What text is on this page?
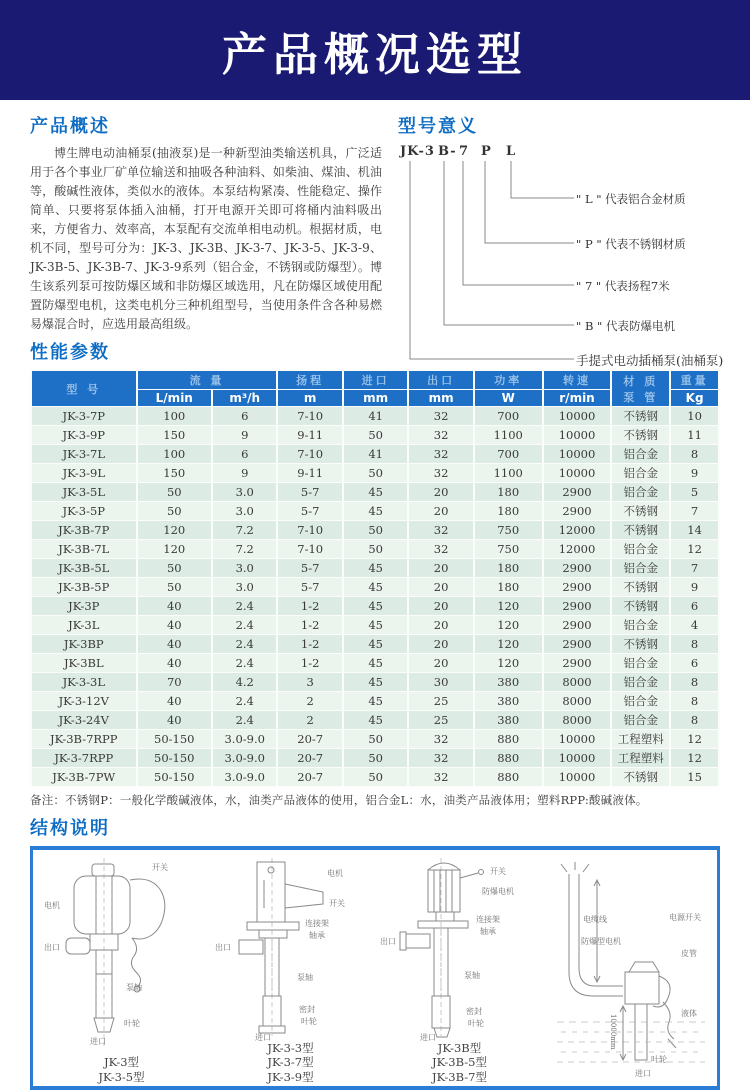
产品概况选型
产品概述

博生牌电动油桶泵(抽液泵)是一种新型油类输送机具，广泛适用于各个事业厂矿单位输送和抽吸各种油料、如柴油、煤油、机油等，酸碱性液体，类似水的液体。本泵结构紧凑、性能稳定、操作简单、只要将泵体插入油桶，打开电源开关即可将桶内油料吸出来，方便省力、效率高，本泵配有交流单相电动机。根据材质，电机不同，型号可分为：JK-3、JK-3B、JK-3-7、JK-3-5、JK-3-9、JK-3B-5、JK-3B-7、JK-3-9系列（铝合金，不锈钢或防爆型）。博生该系列泵可按防爆区域和非防爆区域选用，凡在防爆区域使用配置防爆型电机，这类电机分三种机组型号，当使用条件含各种易燃易爆混合时，应选用最高组级。

型号意义
JK-3 B- 7 P L
" L " 代表铝合金材质
" P " 代表不锈钢材质
" 7 " 代表扬程7米
" B " 代表防爆电机
手提式电动插桶泵(油桶泵)
性能参数
型 号	流 量		扬程	进口	出口	功率	转速	材 质
泵 管	重量
	L/min	m³/h	m	mm	mm	W	r/min		Kg
JK-3-7P	100	6	7-10	41	32	700	10000	不锈钢	10
JK-3-9P	150	9	9-11	50	32	1100	10000	不锈钢	11
JK-3-7L	100	6	7-10	41	32	700	10000	铝合金	8
JK-3-9L	150	9	9-11	50	32	1100	10000	铝合金	9
JK-3-5L	50	3.0	5-7	45	20	180	2900	铝合金	5
JK-3-5P	50	3.0	5-7	45	20	180	2900	不锈钢	7
JK-3B-7P	120	7.2	7-10	50	32	750	12000	不锈钢	14
JK-3B-7L	120	7.2	7-10	50	32	750	12000	铝合金	12
JK-3B-5L	50	3.0	5-7	45	20	180	2900	铝合金	7
JK-3B-5P	50	3.0	5-7	45	20	180	2900	不锈钢	9
JK-3P	40	2.4	1-2	45	20	120	2900	不锈钢	6
JK-3L	40	2.4	1-2	45	20	120	2900	铝合金	4
JK-3BP	40	2.4	1-2	45	20	120	2900	不锈钢	8
JK-3BL	40	2.4	1-2	45	20	120	2900	铝合金	6
JK-3-3L	70	4.2	3	45	30	380	8000	铝合金	8
JK-3-12V	40	2.4	2	45	25	380	8000	铝合金	8
JK-3-24V	40	2.4	2	45	25	380	8000	铝合金	8
JK-3B-7RPP	50-150	3.0-9.0	20-7	50	32	880	10000	工程塑料	12
JK-3-7RPP	50-150	3.0-9.0	20-7	50	32	880	10000	工程塑料	12
JK-3B-7PW	50-150	3.0-9.0	20-7	50	32	880	10000	不锈钢	15
备注：不锈钢P：一般化学酸碱液体，水，油类产品液体的使用，铝合金L：水，油类产品液体用；塑料RPP:酸碱液体。
结构说明
电机
开关
出口
泵轴
叶轮
进口
JK-3型
JK-3-5型
电机
开关
连接架
轴承
出口
泵轴
密封
叶轮
进口
JK-3-3型
JK-3-7型
JK-3-9型
开关
防爆电机
连接架
轴承
出口
泵轴
密封
叶轮
进口
JK-3B型
JK-3B-5型
JK-3B-7型
电缆线
防爆型电机
电源开关
皮管
液体
10000mm
叶轮
进口
